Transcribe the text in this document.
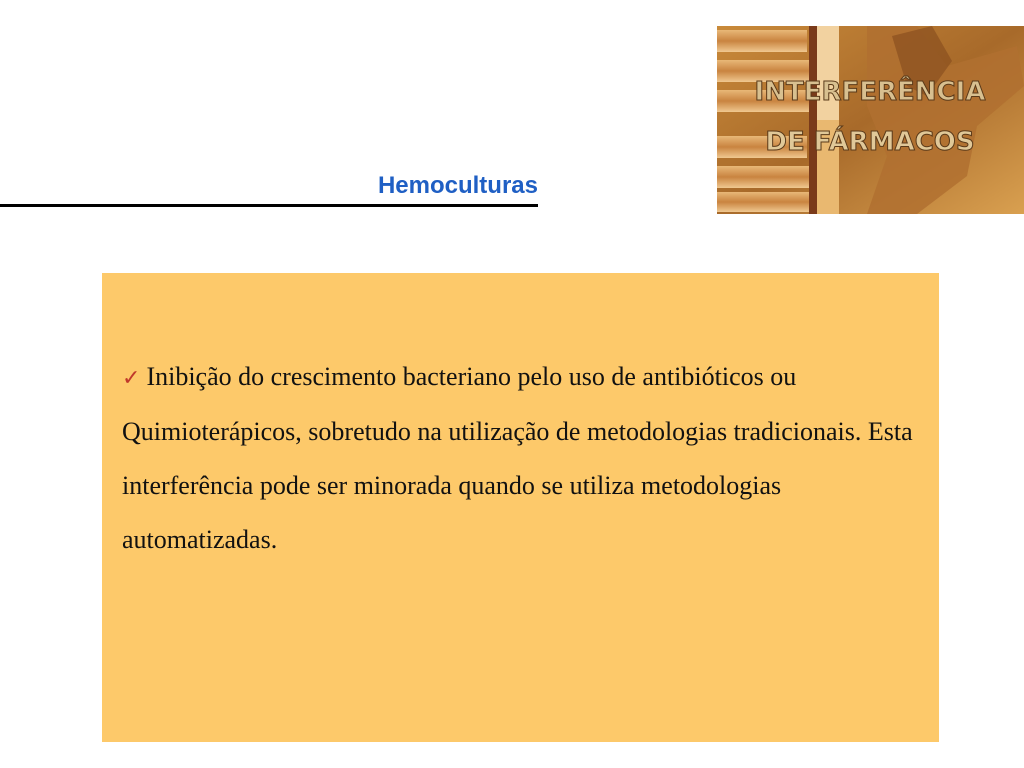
INTERFERÊNCIA
DE FÁRMACOS
Hemoculturas
✓ Inibição do crescimento bacteriano pelo uso de antibióticos ou Quimioterápicos, sobretudo na utilização de metodologias tradicionais. Esta interferência pode ser minorada quando se utiliza metodologias automatizadas.
